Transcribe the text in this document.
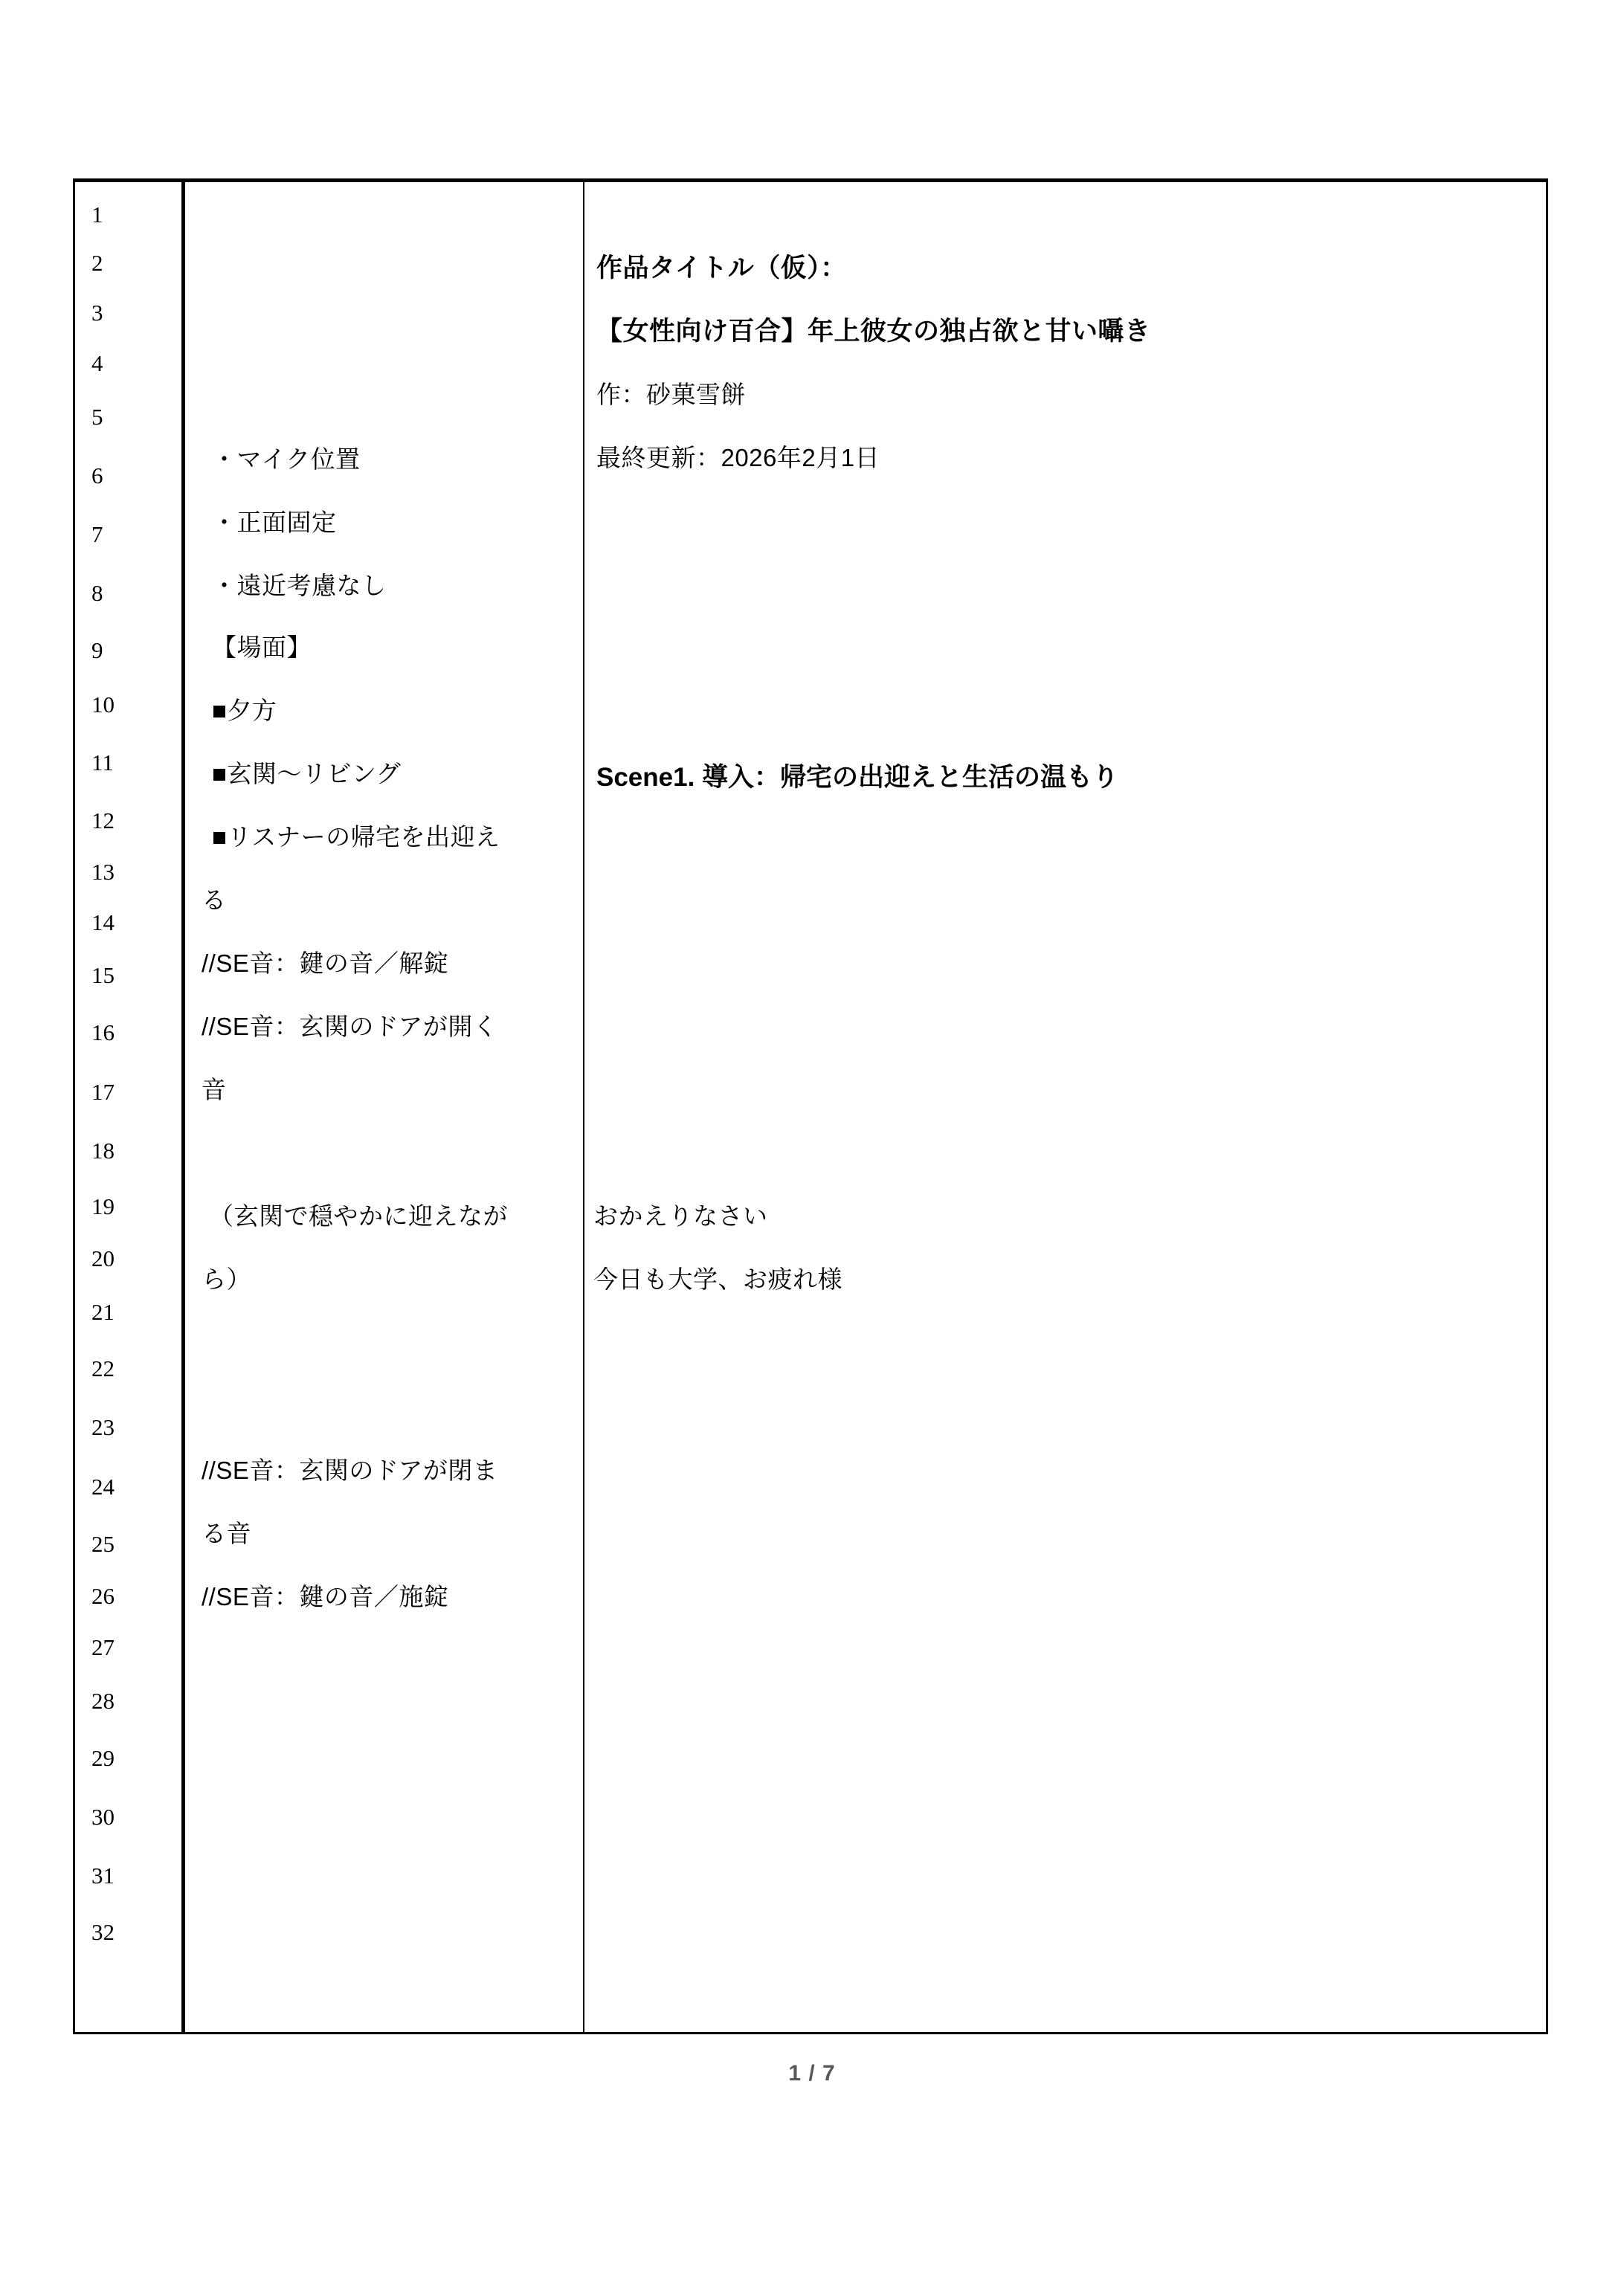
1
2
3
4
5
6
7
8
9
10
11
12
13
14
15
16
17
18
19
20
21
22
23
24
25
26
27
28
29
30
31
32
・マイク位置
・正面固定
・遠近考慮なし
【場面】
■夕方
■玄関〜リビング
■リスナーの帰宅を出迎え
る
//SE音：鍵の音／解錠
//SE音：玄関のドアが開く
音
（玄関で穏やかに迎えなが
ら）
//SE音：玄関のドアが閉ま
る音
//SE音：鍵の音／施錠
作品タイトル（仮）：
【女性向け百合】年上彼女の独占欲と甘い囁き
作：砂菓雪餅
最終更新：2026年2月1日
Scene1. 導入：帰宅の出迎えと生活の温もり
おかえりなさい
今日も大学、お疲れ様
1 / 7
